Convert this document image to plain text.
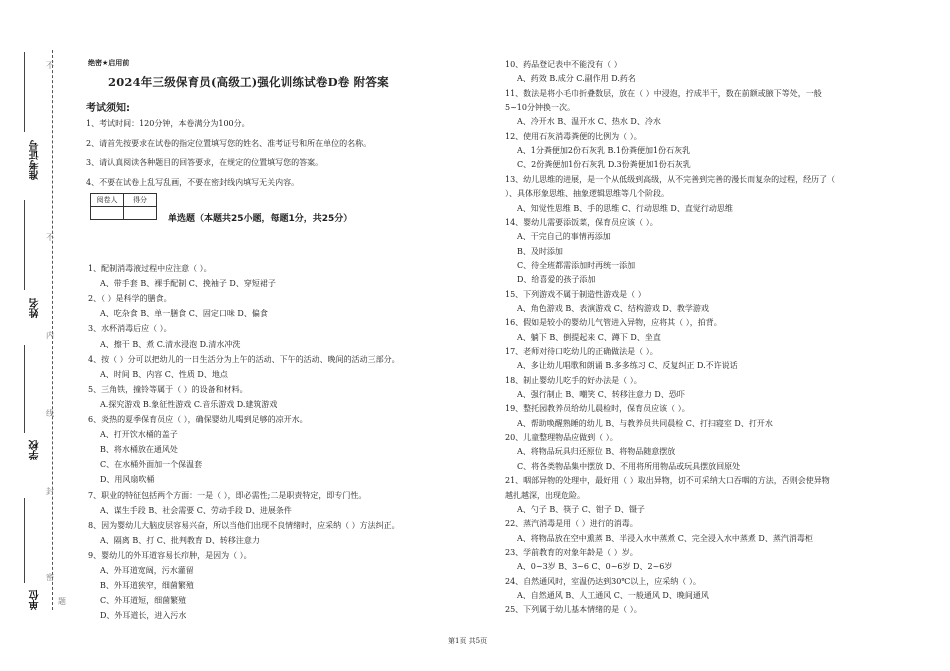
不
不
内
线
封
密
题
准考证号
姓名
学校
单位
绝密★启用前
2024年三级保育员(高级工)强化训练试卷D卷 附答案
考试须知:
1、考试时间：120分钟，本卷满分为100分。
2、请首先按要求在试卷的指定位置填写您的姓名、准考证号和所在单位的名称。
3、请认真阅读各种题目的回答要求，在规定的位置填写您的答案。
4、不要在试卷上乱写乱画，不要在密封线内填写无关内容。
阅卷人	得分

单选题（本题共25小题，每题1分，共25分）
1、配制消毒液过程中应注意（ ）。
A、带手套 B、裸手配制 C、挽袖子 D、穿短裙子
2、（ ）是科学的膳食。
A、吃杂食 B、单一膳食 C、固定口味 D、偏食
3、水杯消毒后应（ ）。
A、擦干 B、煮 C.清水浸泡 D.清水冲洗
4、按（ ）分可以把幼儿的一日生活分为上午的活动、下午的活动、晚间的活动三部分。
A、时间 B、内容 C、性质 D、地点
5、三角铁，撞铃等属于（ ）的设备和材料。
A.探究游戏 B.象征性游戏 C.音乐游戏 D.建筑游戏
6、炎热的夏季保育员应（ ），确保婴幼儿喝到足够的凉开水。
A、打开饮水桶的盖子
B、将水桶放在通风处
C、在水桶外面加一个保温套
D、用风扇吹桶
7、职业的特征包括两个方面：一是（ ），即必需性;二是职责特定，即专门性。
A、谋生手段 B、社会需要 C、劳动手段 D、进展条件
8、因为婴幼儿大脑皮层容易兴奋，所以当他们出现不良情绪时，应采纳（ ）方法纠正。
A、隔离 B、打 C、批判教育 D、转移注意力
9、婴幼儿的外耳道容易长疖肿，是因为（ ）。
A、外耳道宽阔，污水灌留
B、外耳道狭窄，细菌繁殖
C、外耳道短，细菌繁殖
D、外耳道长，进入污水
10、药品登记表中不能没有（ ）
A、药效 B.成分 C.副作用 D.药名
11、数法是将小毛巾折叠数层，放在（ ）中浸泡，拧成半干，数在前额或腋下等处，一般
5~10分钟换一次。
A、冷开水 B、温开水 C、热水 D、冷水
12、使用石灰消毒粪便的比例为（ ）。
A、1分粪便加2份石灰乳 B.1份粪便加1份石灰乳
C、2份粪便加1份石灰乳 D.3份粪便加1份石灰乳
13、幼儿思维的进展，是一个从低级到高级，从不完善到完善的漫长而复杂的过程，经历了（
）、具体形象思维、抽象逻辑思维等几个阶段。
A、知觉性思维 B、手的思维 C、行动思维 D、直觉行动思维
14、婴幼儿需要添饭菜，保育员应该（ ）。
A、干完自己的事情再添加
B、及时添加
C、待全班都需添加时再统一添加
D、给喜爱的孩子添加
15、下列游戏不属于制造性游戏是（ ）
A、角色游戏 B、表演游戏 C、结构游戏 D、教学游戏
16、假如是较小的婴幼儿气管进入异物，应将其（ ），拍背。
A、躺下 B、倒提起来 C、蹲下 D、坐直
17、老师对待口吃幼儿的正确做法是（ ）。
A、多让幼儿唱歌和朗诵 B.多多练习 C、反复纠正 D.不许说话
18、制止婴幼儿吃手的好办法是（ ）。
A、强行制止 B、嘲笑 C、转移注意力 D、恐吓
19、整托园教养员给幼儿晨检时，保育员应该（ ）。
A、帮助唤醒熟睡的幼儿 B、与教养员共同晨检 C、打扫寝室 D、打开水
20、儿童整理物品应做到（ ）。
A、将物品玩具归还原位 B、将物品随意摆放
C、将各类物品集中摆放 D、不用将所用物品或玩具摆放回原处
21、咽部异物的处理中，最好用（ ）取出异物，切不可采纳大口吞咽的方法，否则会使异物
越扎越深，出现危险。
A、勺子 B、筷子 C、钳子 D、镊子
22、蒸汽消毒是用（ ）进行的消毒。
A、将物品放在空中熏蒸 B、半浸入水中蒸煮 C、完全浸入水中蒸煮 D、蒸汽消毒柜
23、学前教育的对象年龄是（ ）岁。
A、0~3岁 B、3~6 C、0~6岁 D、2~6岁
24、自然通风时，室温仍达到30℃以上，应采纳（ ）。
A、自然通风 B、人工通风 C、一般通风 D、晚间通风
25、下列属于幼儿基本情绪的是（ ）。
第1页 共5页
